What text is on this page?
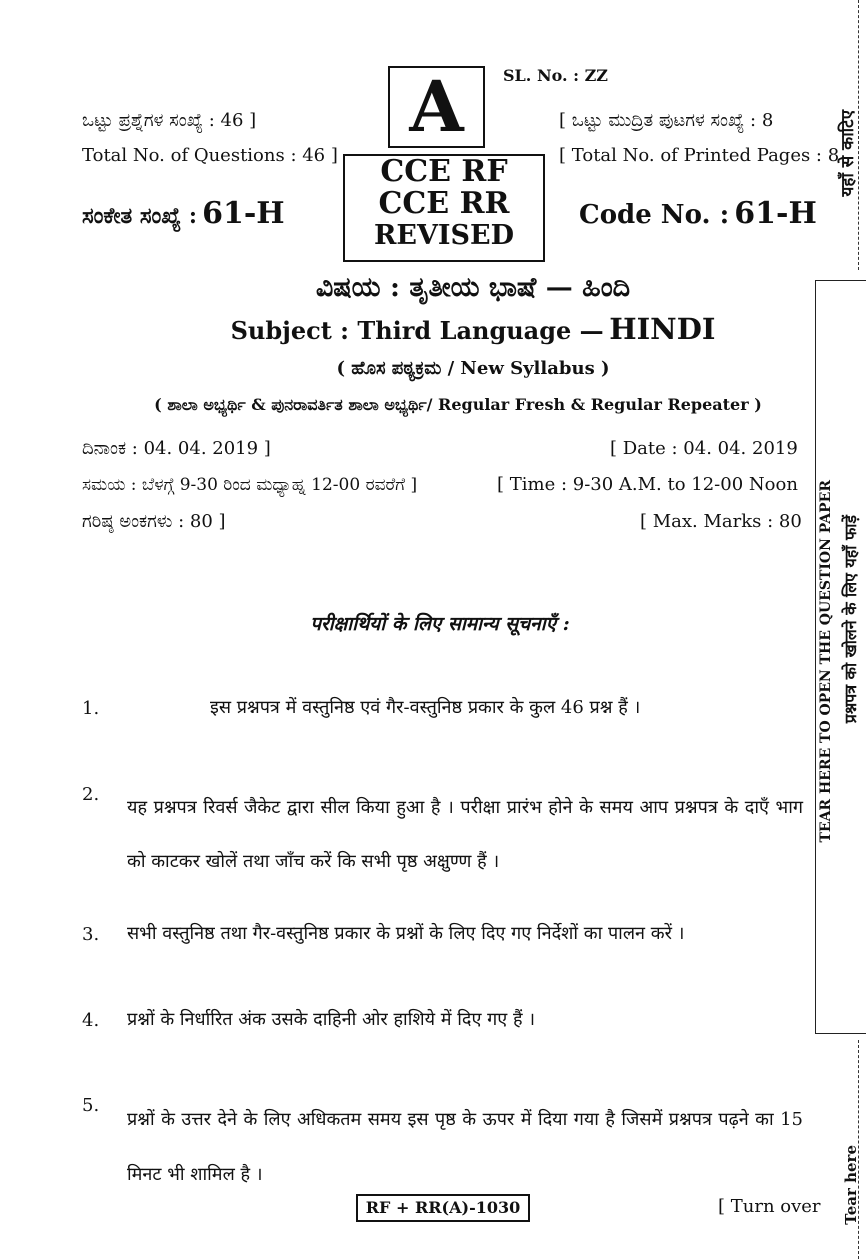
A	SL. No. : ZZ
ಒಟ್ಟು ಪ್ರಶ್ನೆಗಳ ಸಂಖ್ಯೆ : 46 ]
Total No. of Questions : 46 ]
[ ಒಟ್ಟು ಮುದ್ರಿತ ಪುಟಗಳ ಸಂಖ್ಯೆ : 8
[ Total No. of Printed Pages : 8
CCE RF
CCE RR
REVISED
ಸಂಕೇತ ಸಂಖ್ಯೆ : 61-H	Code No. : 61-H
ವಿಷಯ : ತೃತೀಯ ಭಾಷೆ — ಹಿಂದಿ
Subject : Third Language — HINDI
( ಹೊಸ ಪಠ್ಯಕ್ರಮ / New Syllabus )
( ಶಾಲಾ ಅಭ್ಯರ್ಥಿ & ಪುನರಾವರ್ತಿತ ಶಾಲಾ ಅಭ್ಯರ್ಥಿ/ Regular Fresh & Regular Repeater )
ದಿನಾಂಕ : 04. 04. 2019 ]	[ Date : 04. 04. 2019
ಸಮಯ : ಬೆಳಗ್ಗೆ 9-30 ರಿಂದ ಮಧ್ಯಾಹ್ನ 12-00 ರವರೆಗೆ ]	[ Time : 9-30 A.M. to 12-00 Noon
ಗರಿಷ್ಠ ಅಂಕಗಳು : 80 ]	[ Max. Marks : 80
परीक्षार्थियों के लिए सामान्य सूचनाएँ :
1.	इस प्रश्नपत्र में वस्तुनिष्ठ एवं गैर-वस्तुनिष्ठ प्रकार के कुल 46 प्रश्न हैं ।
2.
यह प्रश्नपत्र रिवर्स जैकेट द्वारा सील किया हुआ है । परीक्षा प्रारंभ होने के समय आप प्रश्नपत्र के दाएँ भाग को काटकर खोलें तथा जाँच करें कि सभी पृष्ठ अक्षुण्ण हैं ।
3. सभी वस्तुनिष्ठ तथा गैर-वस्तुनिष्ठ प्रकार के प्रश्नों के लिए दिए गए निर्देशों का पालन करें ।
4. प्रश्नों के निर्धारित अंक उसके दाहिनी ओर हाशिये में दिए गए हैं ।
5.
प्रश्नों के उत्तर देने के लिए अधिकतम समय इस पृष्ठ के ऊपर में दिया गया है जिसमें प्रश्नपत्र पढ़ने का 15 मिनट भी शामिल है ।
यहाँ से काटिए
TEAR HERE TO OPEN THE QUESTION PAPER प्रश्नपत्र को खोलने के लिए यहाँ फाड़ें
Tear here
RF + RR(A)-1030	[ Turn over
